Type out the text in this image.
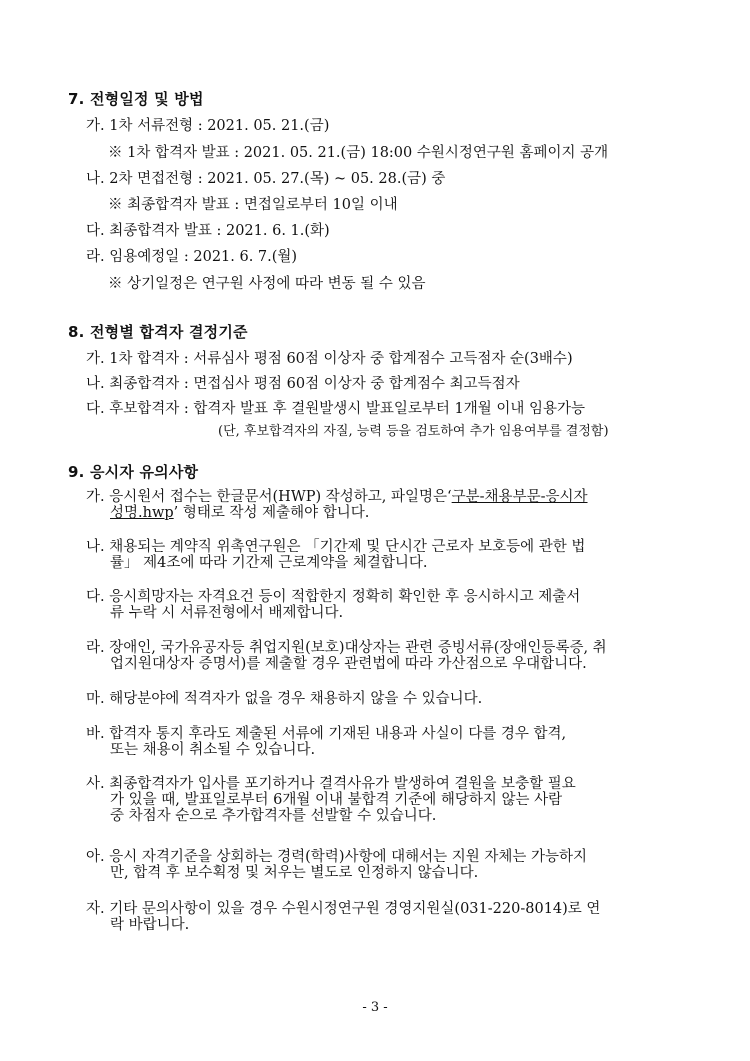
7. 전형일정 및 방법
가. 1차 서류전형 : 2021. 05. 21.(금)
※ 1차 합격자 발표 : 2021. 05. 21.(금) 18:00 수원시정연구원 홈페이지 공개
나. 2차 면접전형 : 2021. 05. 27.(목) ~ 05. 28.(금) 중
※ 최종합격자 발표 : 면접일로부터 10일 이내
다. 최종합격자 발표 : 2021. 6. 1.(화)
라. 임용예정일 : 2021. 6. 7.(월)
※ 상기일정은 연구원 사정에 따라 변동 될 수 있음
8. 전형별 합격자 결정기준
가. 1차 합격자 : 서류심사 평점 60점 이상자 중 합계점수 고득점자 순(3배수)
나. 최종합격자 : 면접심사 평점 60점 이상자 중 합계점수 최고득점자
다. 후보합격자 : 합격자 발표 후 결원발생시 발표일로부터 1개월 이내 임용가능
(단, 후보합격자의 자질, 능력 등을 검토하여 추가 임용여부를 결정함)
9. 응시자 유의사항
가. 응시원서 접수는 한글문서(HWP) 작성하고, 파일명은‘구분-채용부문-응시자
성명.hwp’ 형태로 작성 제출해야 합니다.
나. 채용되는 계약직 위촉연구원은 「기간제 및 단시간 근로자 보호등에 관한 법
률」 제4조에 따라 기간제 근로계약을 체결합니다.
다. 응시희망자는 자격요건 등이 적합한지 정확히 확인한 후 응시하시고 제출서
류 누락 시 서류전형에서 배제합니다.
라. 장애인, 국가유공자등 취업지원(보호)대상자는 관련 증빙서류(장애인등록증, 취
업지원대상자 증명서)를 제출할 경우 관련법에 따라 가산점으로 우대합니다.
마. 해당분야에 적격자가 없을 경우 채용하지 않을 수 있습니다.
바. 합격자 통지 후라도 제출된 서류에 기재된 내용과 사실이 다를 경우 합격,
또는 채용이 취소될 수 있습니다.
사. 최종합격자가 입사를 포기하거나 결격사유가 발생하여 결원을 보충할 필요
가 있을 때, 발표일로부터 6개월 이내 불합격 기준에 해당하지 않는 사람
중 차점자 순으로 추가합격자를 선발할 수 있습니다.
아. 응시 자격기준을 상회하는 경력(학력)사항에 대해서는 지원 자체는 가능하지
만, 합격 후 보수획정 및 처우는 별도로 인정하지 않습니다.
자. 기타 문의사항이 있을 경우 수원시정연구원 경영지원실(031-220-8014)로 연
락 바랍니다.
- 3 -
